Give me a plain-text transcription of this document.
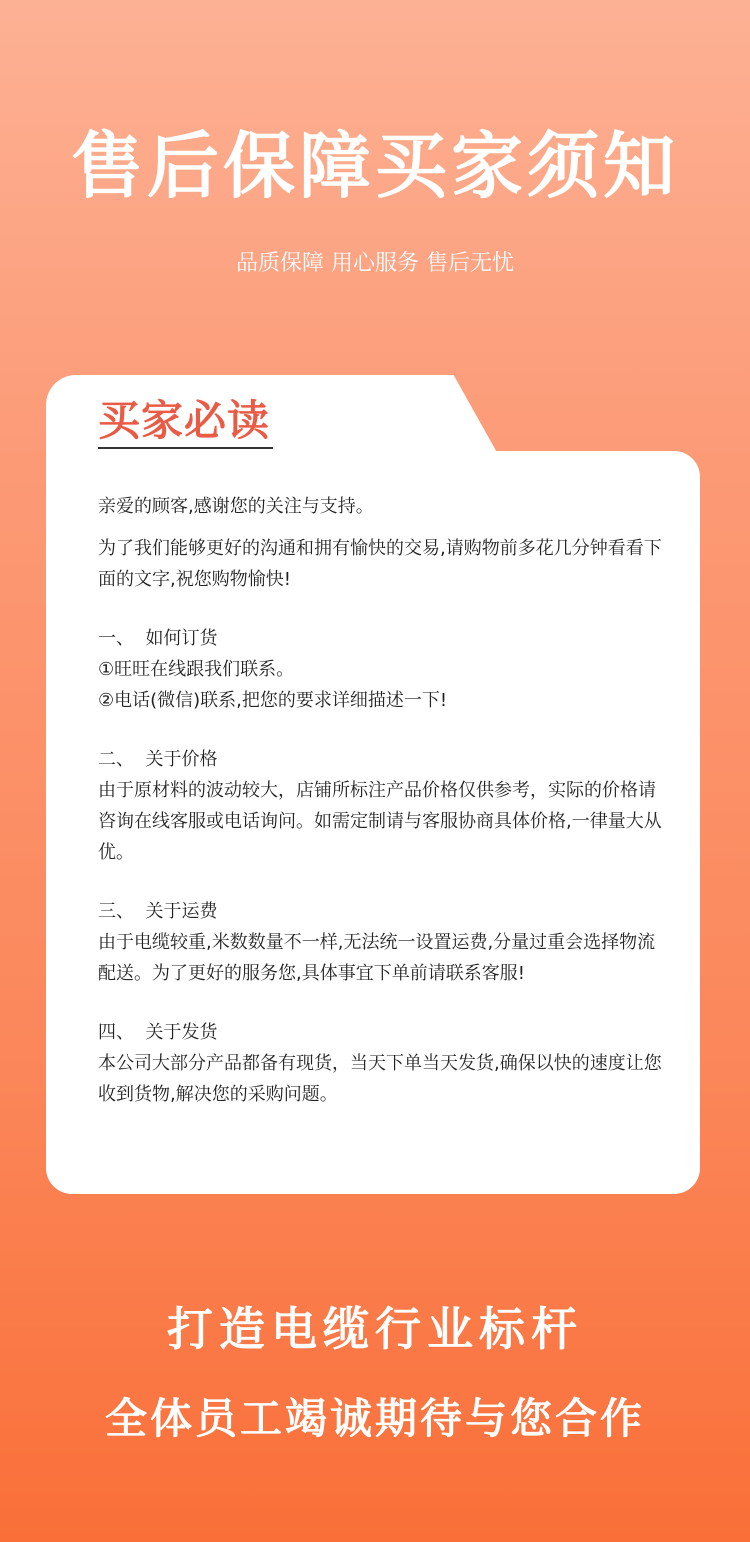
售后保障买家须知
品质保障 用心服务 售后无忧
买家必读

亲爱的顾客,感谢您的关注与支持。

为了我们能够更好的沟通和拥有愉快的交易,请购物前多花几分钟看看下面的文字,祝您购物愉快!

一、  如何订货

①旺旺在线跟我们联系。

②电话(微信)联系,把您的要求详细描述一下!

二、  关于价格

由于原材料的波动较大，店铺所标注产品价格仅供参考，实际的价格请咨询在线客服或电话询问。如需定制请与客服协商具体价格,一律量大从优。

三、  关于运费

由于电缆较重,米数数量不一样,无法统一设置运费,分量过重会选择物流配送。为了更好的服务您,具体事宜下单前请联系客服!

四、  关于发货

本公司大部分产品都备有现货，当天下单当天发货,确保以快的速度让您收到货物,解决您的采购问题。

打造电缆行业标杆
全体员工竭诚期待与您合作
